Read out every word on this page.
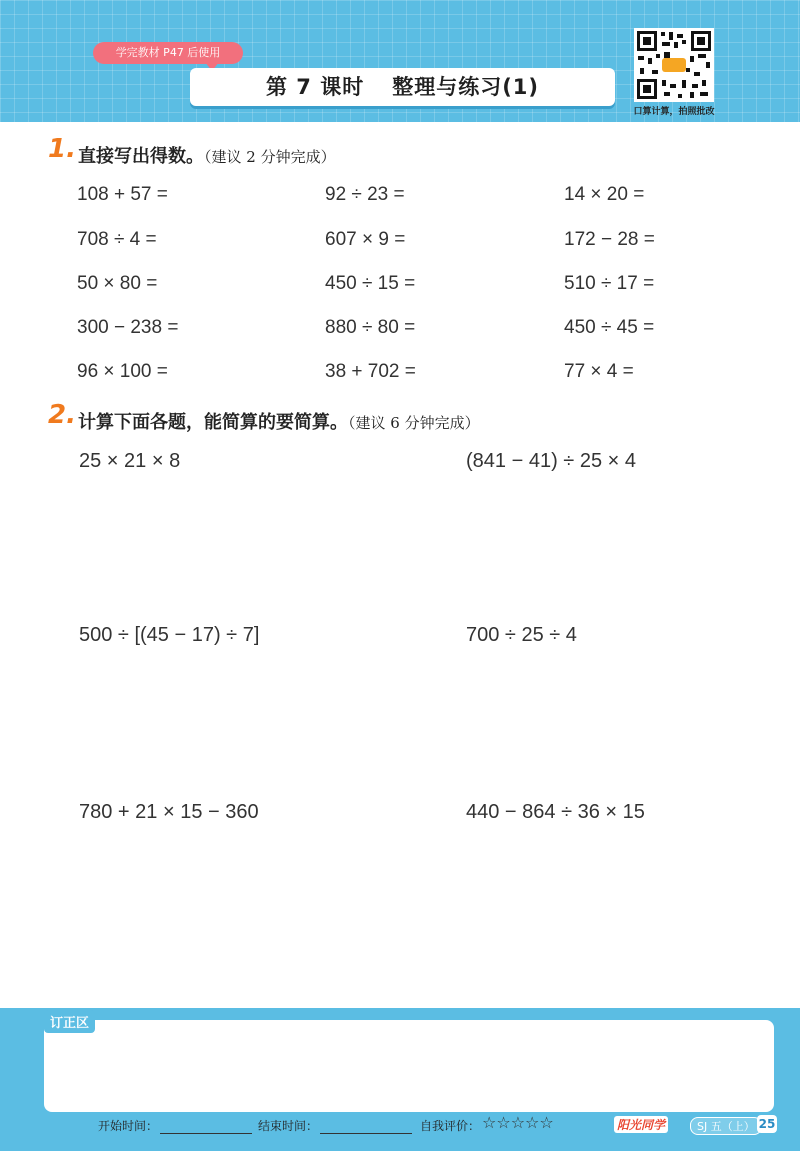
学完教材 P47 后使用
第 7 课时 整理与练习(1)
口算计算，拍照批改
1. 直接写出得数。（建议 2 分钟完成）
108 + 57 =	92 ÷ 23 =	14 × 20 =
708 ÷ 4 =	607 × 9 =	172 − 28 =
50 × 80 =	450 ÷ 15 =	510 ÷ 17 =
300 − 238 =	880 ÷ 80 =	450 ÷ 45 =
96 × 100 =	38 + 702 =	77 × 4 =
2. 计算下面各题，能简算的要简算。（建议 6 分钟完成）
25 × 21 × 8	(841 − 41) ÷ 25 × 4
500 ÷ [(45 − 17) ÷ 7]	700 ÷ 25 ÷ 4
780 + 21 × 15 − 360	440 − 864 ÷ 36 × 15
订正区
开始时间：	结束时间：	自我评价： ☆☆☆☆☆	阳光同学	SJ 五（上） 25
